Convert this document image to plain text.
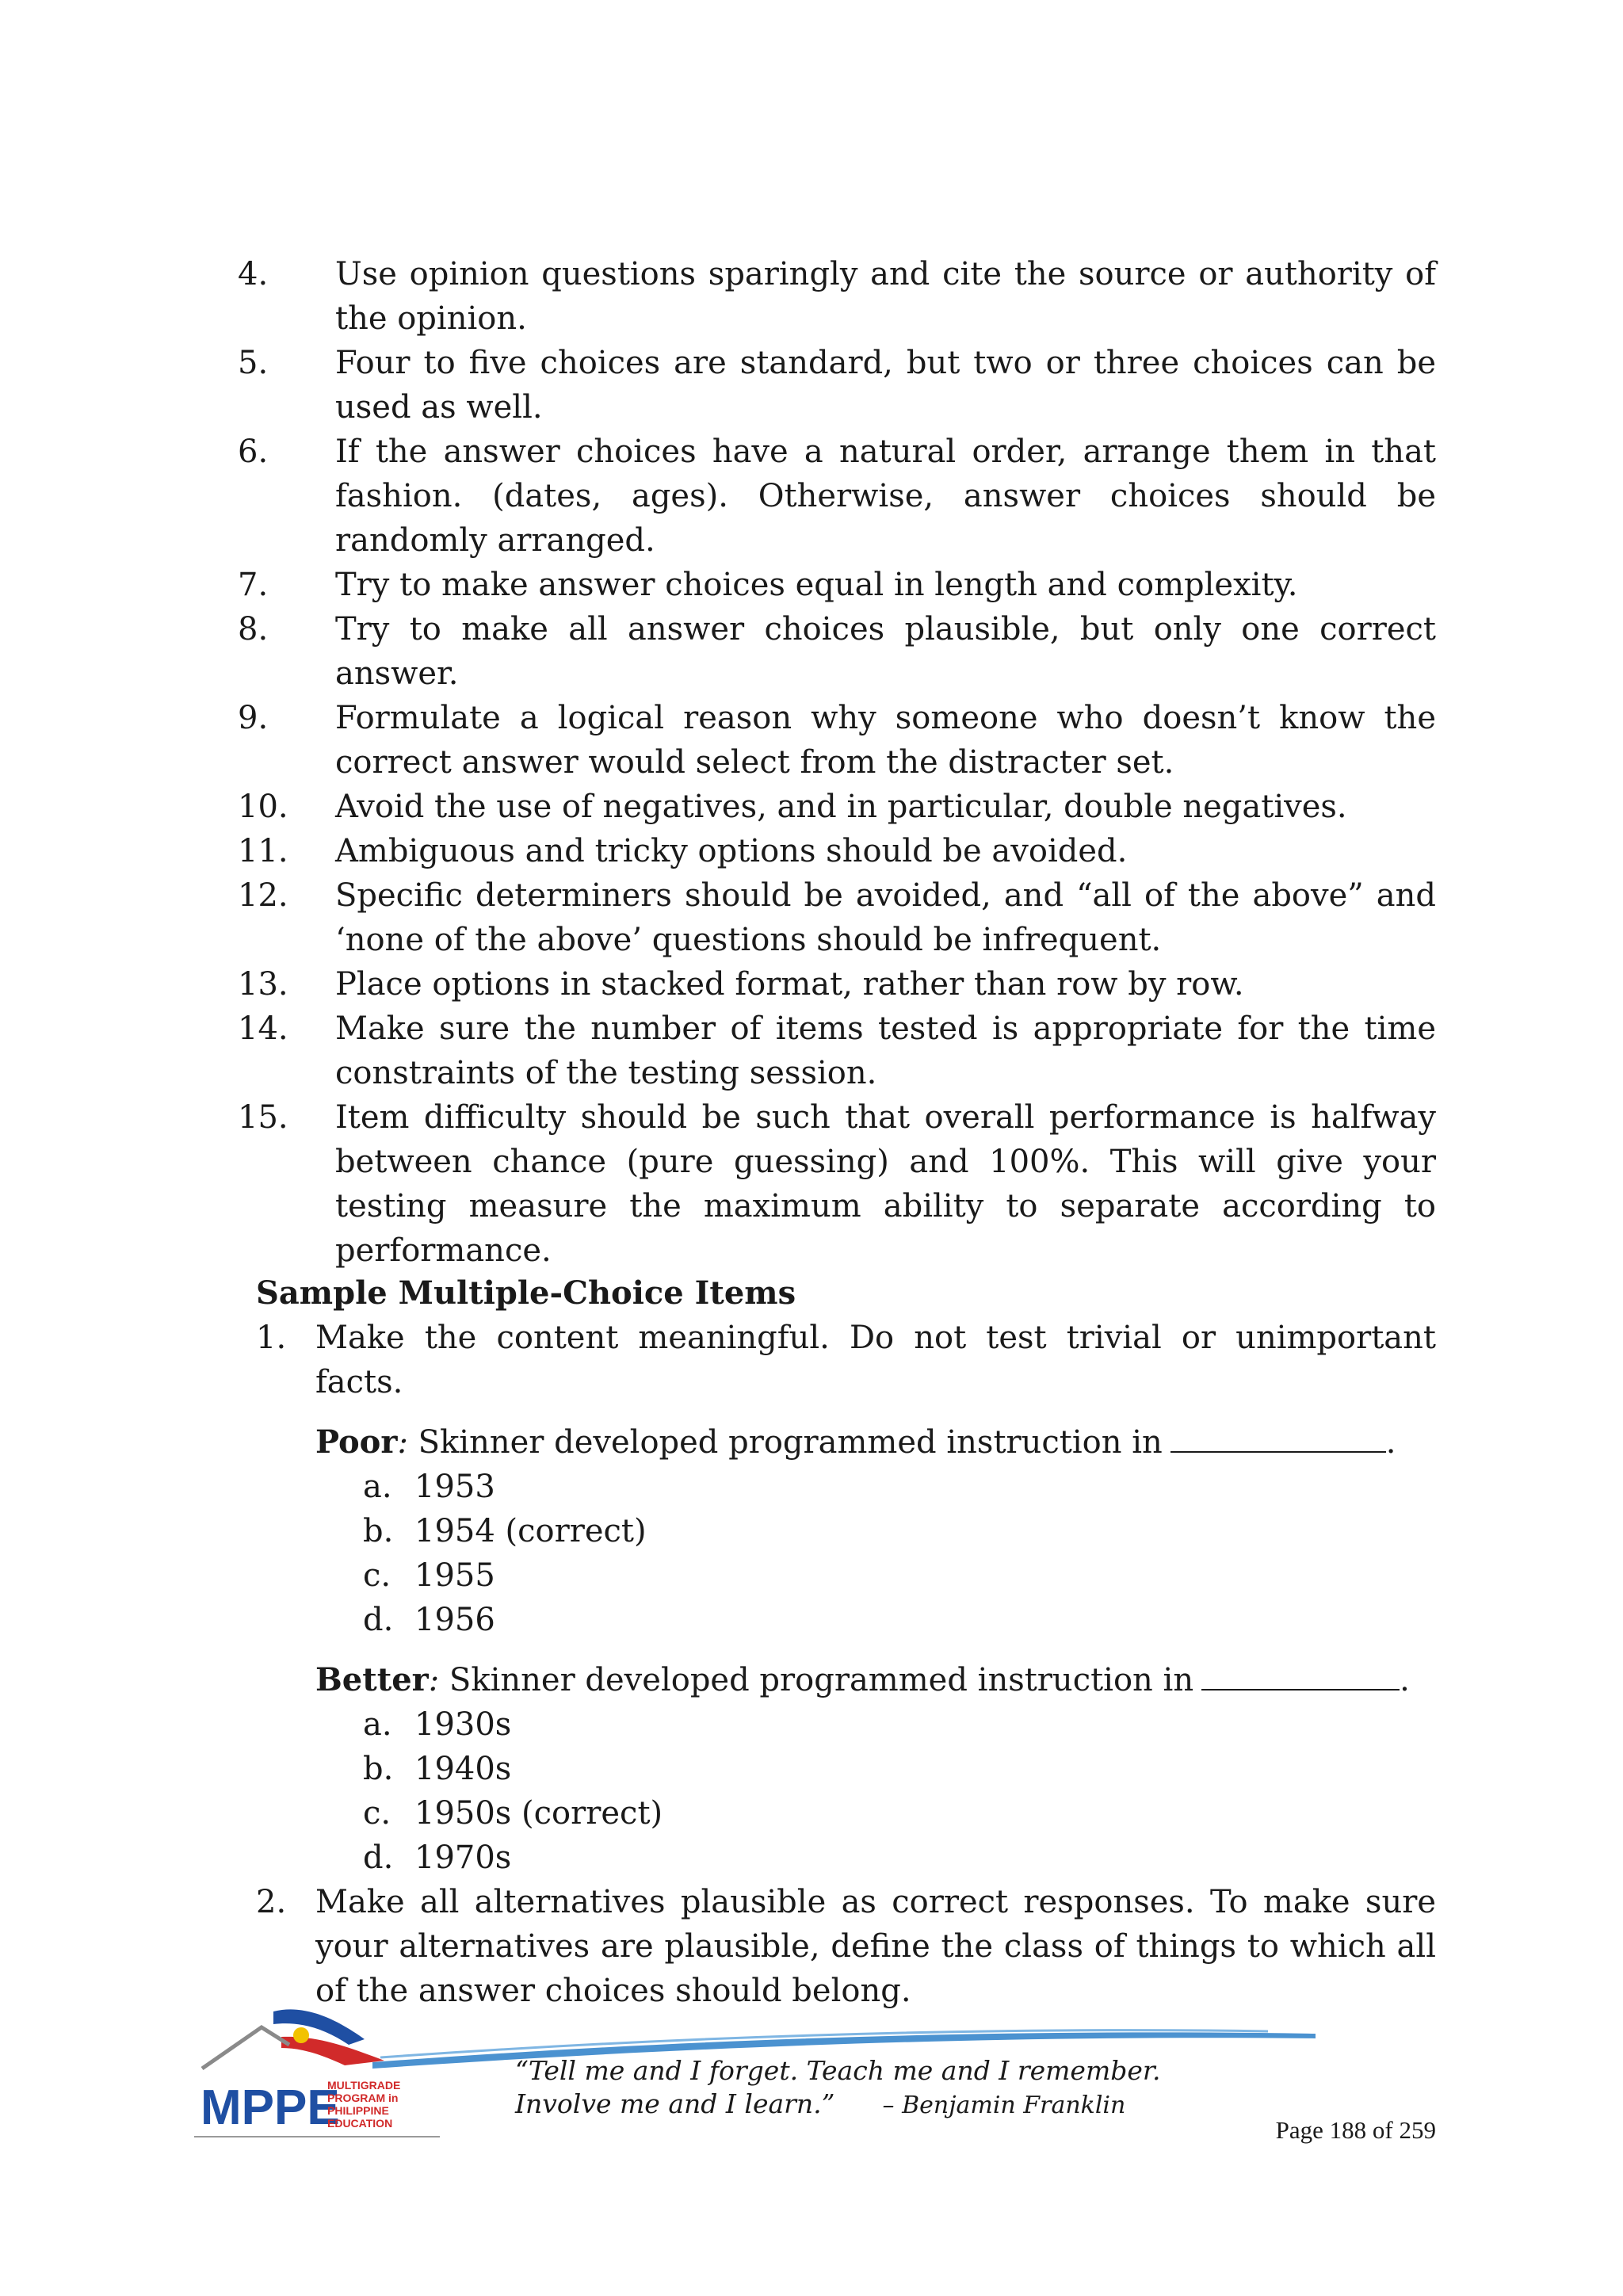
4.	Use opinion questions sparingly and cite the source or authority of the opinion.
5.	Four to five choices are standard, but two or three choices can be used as well.
6.	If the answer choices have a natural order, arrange them in that fashion. (dates, ages). Otherwise, answer choices should be randomly arranged.
7.	Try to make answer choices equal in length and complexity.
8.	Try to make all answer choices plausible, but only one correct answer.
9.	Formulate a logical reason why someone who doesn’t know the correct answer would select from the distracter set.
10. Avoid the use of negatives, and in particular, double negatives.
11. Ambiguous and tricky options should be avoided.
12. Specific determiners should be avoided, and “all of the above” and ‘none of the above’ questions should be infrequent.
13. Place options in stacked format, rather than row by row.
14. Make sure the number of items tested is appropriate for the time constraints of the testing session.
15. Item difficulty should be such that overall performance is halfway between chance (pure guessing) and 100%. This will give your testing measure the maximum ability to separate according to performance.
Sample Multiple-Choice Items
1. Make the content meaningful. Do not test trivial or unimportant facts.
Poor: Skinner developed programmed instruction in	.
a. 1953
b. 1954 (correct)
c. 1955
d. 1956
Better: Skinner developed programmed instruction in	.
a. 1930s
b. 1940s
c. 1950s (correct)
d. 1970s
2. Make all alternatives plausible as correct responses. To make sure your alternatives are plausible, define the class of things to which all of the answer choices should belong.
MPPE
MULTIGRADE
PROGRAM in
PHILIPPINE
EDUCATION
“Tell me and I forget. Teach me and I remember.
Involve me and I learn.” – Benjamin Franklin
Page 188 of 259
